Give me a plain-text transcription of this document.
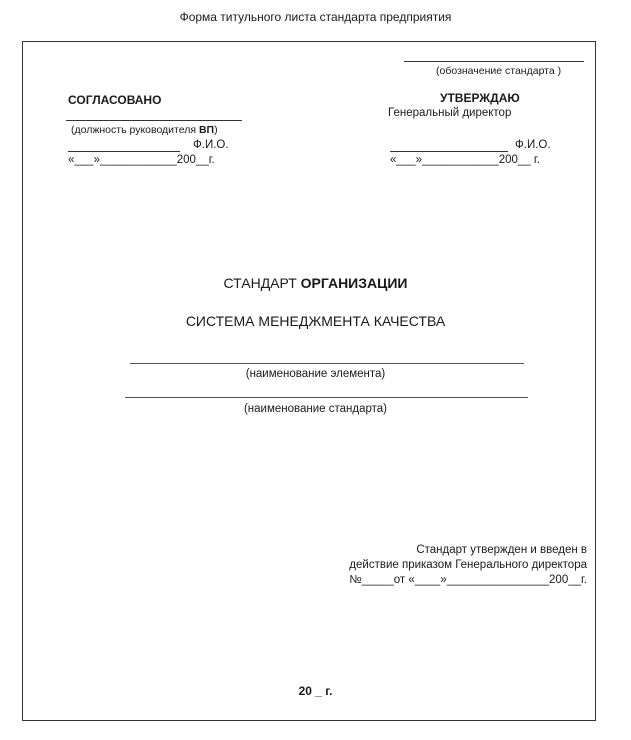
Форма титульного листа стандарта предприятия
(обозначение стандарта )
СОГЛАСОВАНО
(должность руководителя ВП)
Ф.И.О.
«___»____________200__г.
УТВЕРЖДАЮ
Генеральный директор
Ф.И.О.
«___»____________200__ г.
СТАНДАРТ ОРГАНИЗАЦИИ
СИСТЕМА МЕНЕДЖМЕНТА КАЧЕСТВА
(наименование элемента)
(наименование стандарта)
Стандарт утвержден и введен в
действие приказом Генерального директора
№_____от «____»________________200__г.
20 _ г.
